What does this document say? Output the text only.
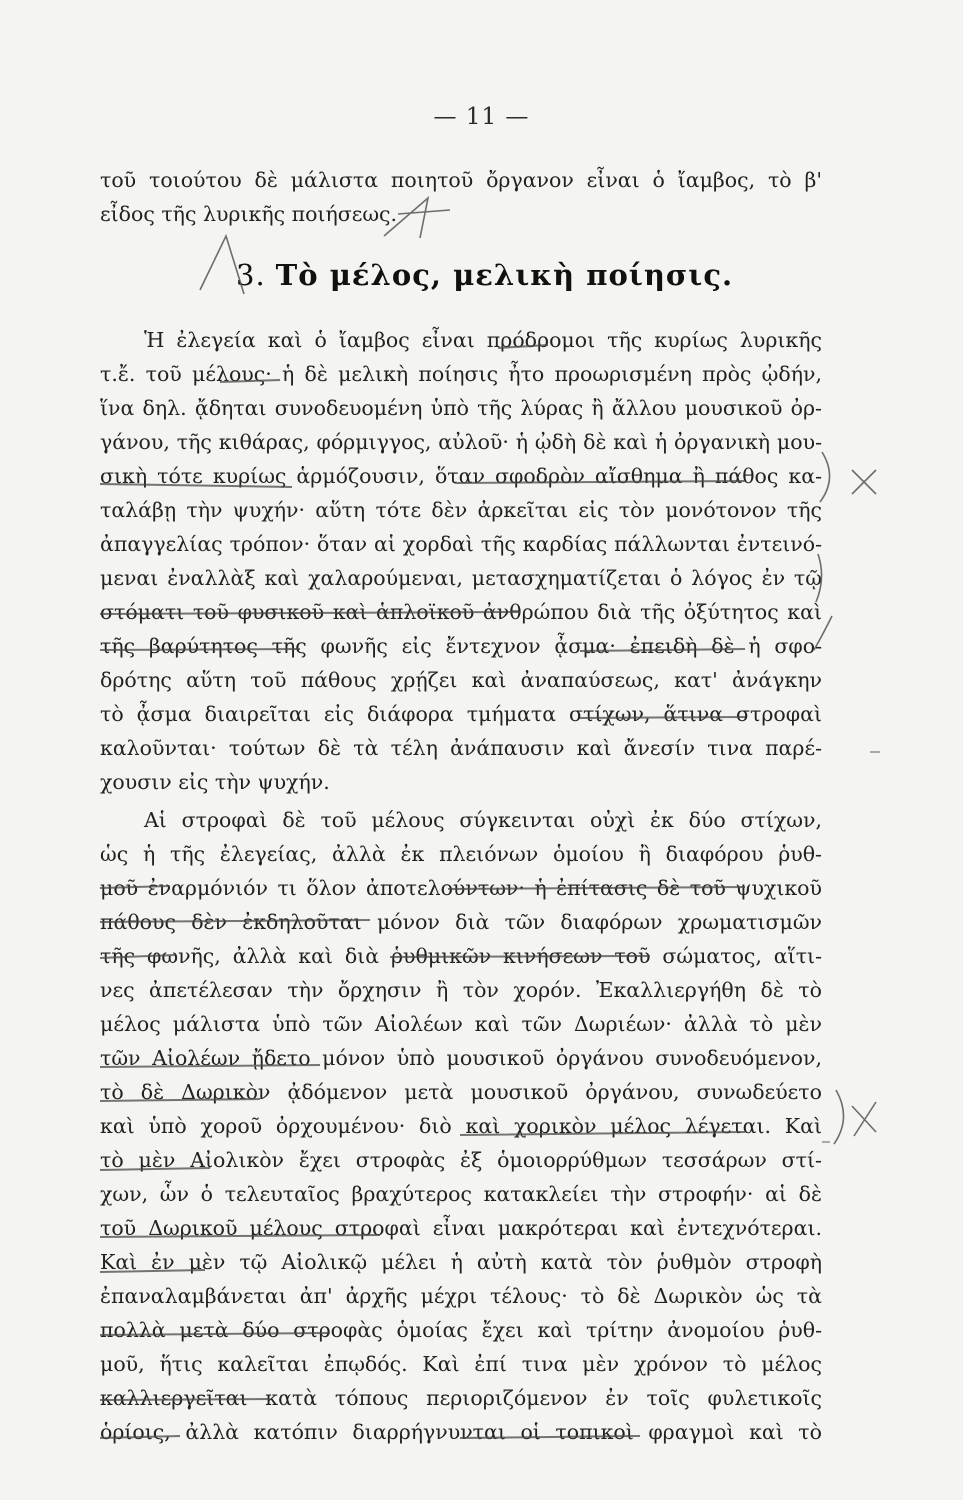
— 11 —
τοῦ τοιούτου δὲ μάλιστα ποιητοῦ ὄργανον εἶναι ὁ ἴαμβος, τὸ β'
εἶδος τῆς λυρικῆς ποιήσεως.
3. Τὸ μέλος, μελικὴ ποίησις.
Ἡ ἐλεγεία καὶ ὁ ἴαμβος εἶναι πρόδρομοι τῆς κυρίως λυρικῆς
τ.ἔ. τοῦ μέλους· ἡ δὲ μελικὴ ποίησις ἦτο προωρισμένη πρὸς ᾠδήν,
ἵνα δηλ. ᾄδηται συνοδευομένη ὑπὸ τῆς λύρας ἢ ἄλλου μουσικοῦ ὀρ-
γάνου, τῆς κιθάρας, φόρμιγγος, αὐλοῦ· ἡ ᾠδὴ δὲ καὶ ἡ ὀργανικὴ μου-
σικὴ τότε κυρίως ἁρμόζουσιν, ὅταν σφοδρὸν αἴσθημα ἢ πάθος κα-
ταλάβῃ τὴν ψυχήν· αὕτη τότε δὲν ἀρκεῖται εἰς τὸν μονότονον τῆς
ἀπαγγελίας τρόπον· ὅταν αἱ χορδαὶ τῆς καρδίας πάλλωνται ἐντεινό-
μεναι ἐναλλὰξ καὶ χαλαρούμεναι, μετασχηματίζεται ὁ λόγος ἐν τῷ
στόματι τοῦ φυσικοῦ καὶ ἁπλοϊκοῦ ἀνθρώπου διὰ τῆς ὀξύτητος καὶ
τῆς βαρύτητος τῆς φωνῆς εἰς ἔντεχνον ᾆσμα· ἐπειδὴ δὲ ἡ σφο-
δρότης αὕτη τοῦ πάθους χρῄζει καὶ ἀναπαύσεως, κατ' ἀνάγκην
τὸ ᾆσμα διαιρεῖται εἰς διάφορα τμήματα στίχων, ἅτινα στροφαὶ
καλοῦνται· τούτων δὲ τὰ τέλη ἀνάπαυσιν καὶ ἄνεσίν τινα παρέ-
χουσιν εἰς τὴν ψυχήν.
Αἱ στροφαὶ δὲ τοῦ μέλους σύγκεινται οὐχὶ ἐκ δύο στίχων,
ὡς ἡ τῆς ἐλεγείας, ἀλλὰ ἐκ πλειόνων ὁμοίου ἢ διαφόρου ῥυθ-
μοῦ ἐναρμόνιόν τι ὅλον ἀποτελούντων· ἡ ἐπίτασις δὲ τοῦ ψυχικοῦ
πάθους δὲν ἐκδηλοῦται μόνον διὰ τῶν διαφόρων χρωματισμῶν
τῆς φωνῆς, ἀλλὰ καὶ διὰ ῥυθμικῶν κινήσεων τοῦ σώματος, αἵτι-
νες ἀπετέλεσαν τὴν ὄρχησιν ἢ τὸν χορόν. Ἐκαλλιεργήθη δὲ τὸ
μέλος μάλιστα ὑπὸ τῶν Αἰολέων καὶ τῶν Δωριέων· ἀλλὰ τὸ μὲν
τῶν Αἰολέων ᾔδετο μόνον ὑπὸ μουσικοῦ ὀργάνου συνοδευόμενον,
τὸ δὲ Δωρικὸν ᾀδόμενον μετὰ μουσικοῦ ὀργάνου, συνωδεύετο
καὶ ὑπὸ χοροῦ ὀρχουμένου· διὸ καὶ χορικὸν μέλος λέγεται. Καὶ
τὸ μὲν Αἰολικὸν ἔχει στροφὰς ἐξ ὁμοιορρύθμων τεσσάρων στί-
χων, ὧν ὁ τελευταῖος βραχύτερος κατακλείει τὴν στροφήν· αἱ δὲ
τοῦ Δωρικοῦ μέλους στροφαὶ εἶναι μακρότεραι καὶ ἐντεχνότεραι.
Καὶ ἐν μὲν τῷ Αἰολικῷ μέλει ἡ αὐτὴ κατὰ τὸν ῥυθμὸν στροφὴ
ἐπαναλαμβάνεται ἀπ' ἀρχῆς μέχρι τέλους· τὸ δὲ Δωρικὸν ὡς τὰ
πολλὰ μετὰ δύο στροφὰς ὁμοίας ἔχει καὶ τρίτην ἀνομοίου ῥυθ-
μοῦ, ἥτις καλεῖται ἐπῳδός. Καὶ ἐπί τινα μὲν χρόνον τὸ μέλος
καλλιεργεῖται κατὰ τόπους περιοριζόμενον ἐν τοῖς φυλετικοῖς
ὁρίοις, ἀλλὰ κατόπιν διαρρήγνυνται οἱ τοπικοὶ φραγμοὶ καὶ τὸ
